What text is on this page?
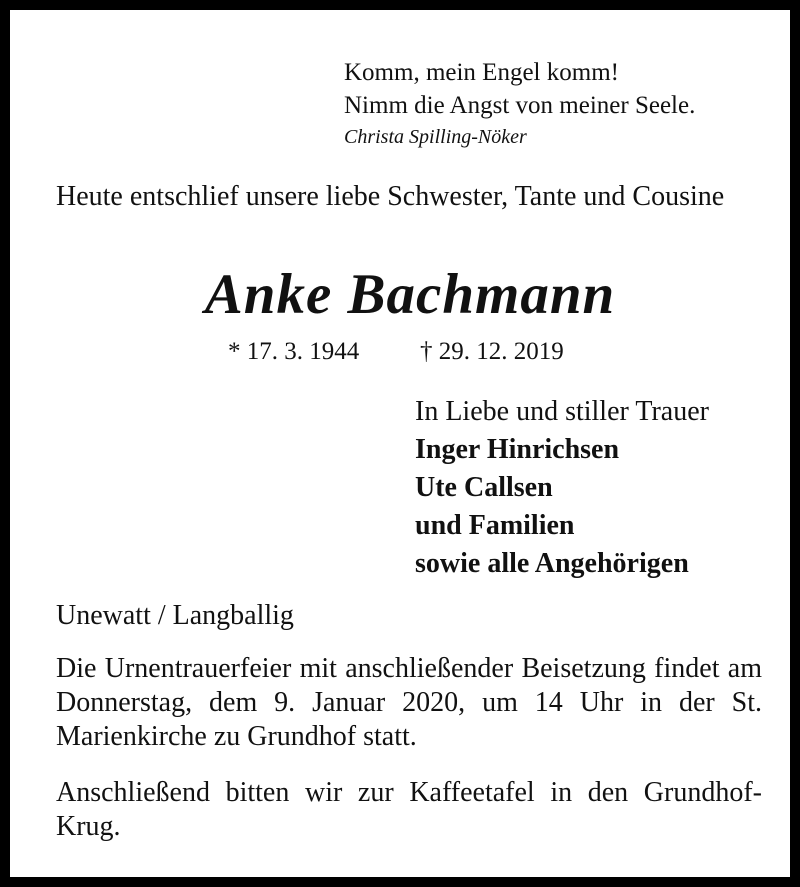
Komm, mein Engel komm!
Nimm die Angst von meiner Seele.
Christa Spilling-Nöker
Heute entschlief unsere liebe Schwester, Tante und Cousine
Anke Bachmann
* 17. 3. 1944 † 29. 12. 2019
In Liebe und stiller Trauer
Inger Hinrichsen
Ute Callsen
und Familien
sowie alle Angehörigen
Unewatt / Langballig
Die Urnentrauerfeier mit anschließender Beisetzung findet am Donnerstag, dem 9. Januar 2020, um 14 Uhr in der St. Marienkirche zu Grundhof statt.
Anschließend bitten wir zur Kaffeetafel in den Grundhof-Krug.
